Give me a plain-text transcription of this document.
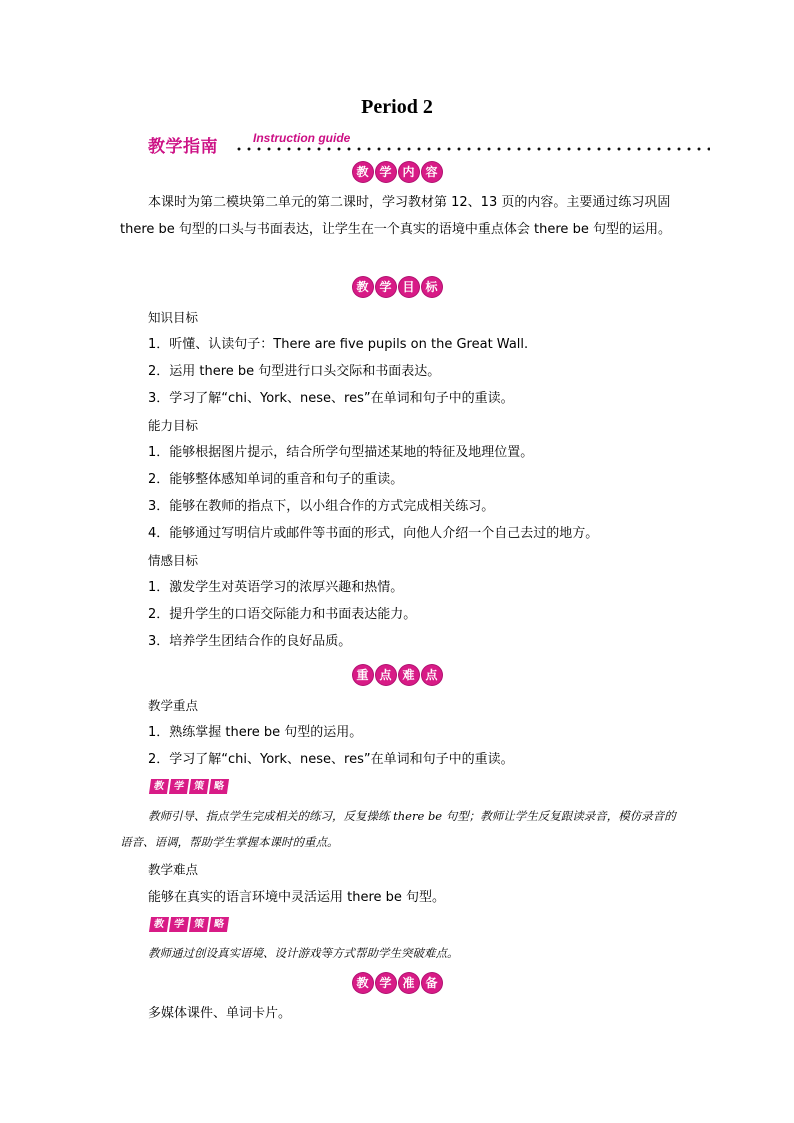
Period 2
教学指南	Instruction guide
教 学 内 容
本课时为第二模块第二单元的第二课时，学习教材第 12、13 页的内容。主要通过练习巩固 there be 句型的口头与书面表达，让学生在一个真实的语境中重点体会 there be 句型的运用。
教 学 目 标
知识目标
1．听懂、认读句子：There are five pupils on the Great Wall.
2．运用 there be 句型进行口头交际和书面表达。
3．学习了解“chi、York、nese、res”在单词和句子中的重读。
能力目标
1．能够根据图片提示，结合所学句型描述某地的特征及地理位置。
2．能够整体感知单词的重音和句子的重读。
3．能够在教师的指点下，以小组合作的方式完成相关练习。
4．能够通过写明信片或邮件等书面的形式，向他人介绍一个自己去过的地方。
情感目标
1．激发学生对英语学习的浓厚兴趣和热情。
2．提升学生的口语交际能力和书面表达能力。
3．培养学生团结合作的良好品质。
重 点 难 点
教学重点
1．熟练掌握 there be 句型的运用。
2．学习了解“chi、York、nese、res”在单词和句子中的重读。
教 学 策 略
教师引导、指点学生完成相关的练习，反复操练 there be 句型；教师让学生反复跟读录音，模仿录音的语音、语调，帮助学生掌握本课时的重点。
教学难点
能够在真实的语言环境中灵活运用 there be 句型。
教 学 策 略
教师通过创设真实语境、设计游戏等方式帮助学生突破难点。
教 学 准 备
多媒体课件、单词卡片。
